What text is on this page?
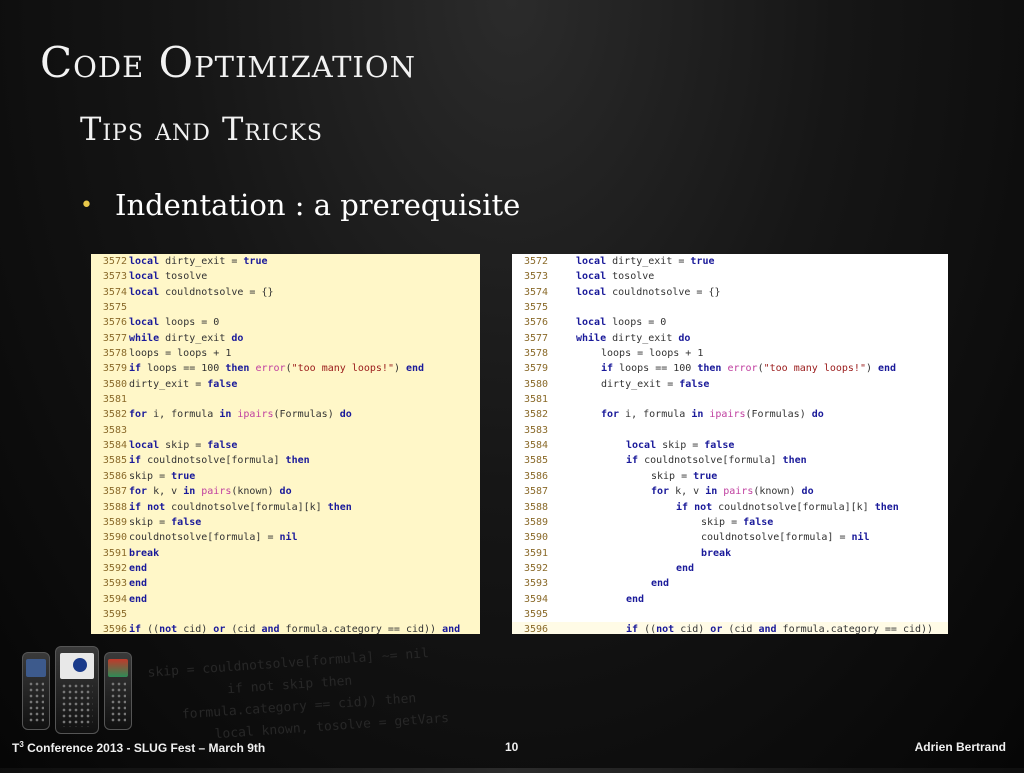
skip = couldnotsolve[formula] ~= nil
if not skip then
formula.category == cid)) then
local known, tosolve = getVars
Code Optimization
Tips and Tricks
• Indentation : a prerequisite
3572 local dirty_exit = true
3573 local tosolve
3574 local couldnotsolve = {}
3575
3576 local loops = 0
3577 while dirty_exit do
3578 loops = loops + 1
3579 if loops == 100 then error("too many loops!") end
3580 dirty_exit = false
3581
3582 for i, formula in ipairs(Formulas) do
3583
3584 local skip = false
3585 if couldnotsolve[formula] then
3586 skip = true
3587 for k, v in pairs(known) do
3588 if not couldnotsolve[formula][k] then
3589 skip = false
3590 couldnotsolve[formula] = nil
3591 break
3592 end
3593 end
3594 end
3595
3596 if ((not cid) or (cid and formula.category == cid)) and
3572	local dirty_exit = true
3573	local tosolve
3574	local couldnotsolve = {}
3575
3576	local loops = 0
3577	while dirty_exit do
3578	loops = loops + 1
3579	if loops == 100 then error("too many loops!") end
3580	dirty_exit = false
3581
3582	for i, formula in ipairs(Formulas) do
3583
3584	local skip = false
3585	if couldnotsolve[formula] then
3586	skip = true
3587	for k, v in pairs(known) do
3588	if not couldnotsolve[formula][k] then
3589	skip = false
3590	couldnotsolve[formula] = nil
3591	break
3592	end
3593	end
3594	end
3595
3596	if ((not cid) or (cid and formula.category == cid))
$T^3$ Conference 2013 - SLUG Fest – March 9th	10	Adrien Bertrand
